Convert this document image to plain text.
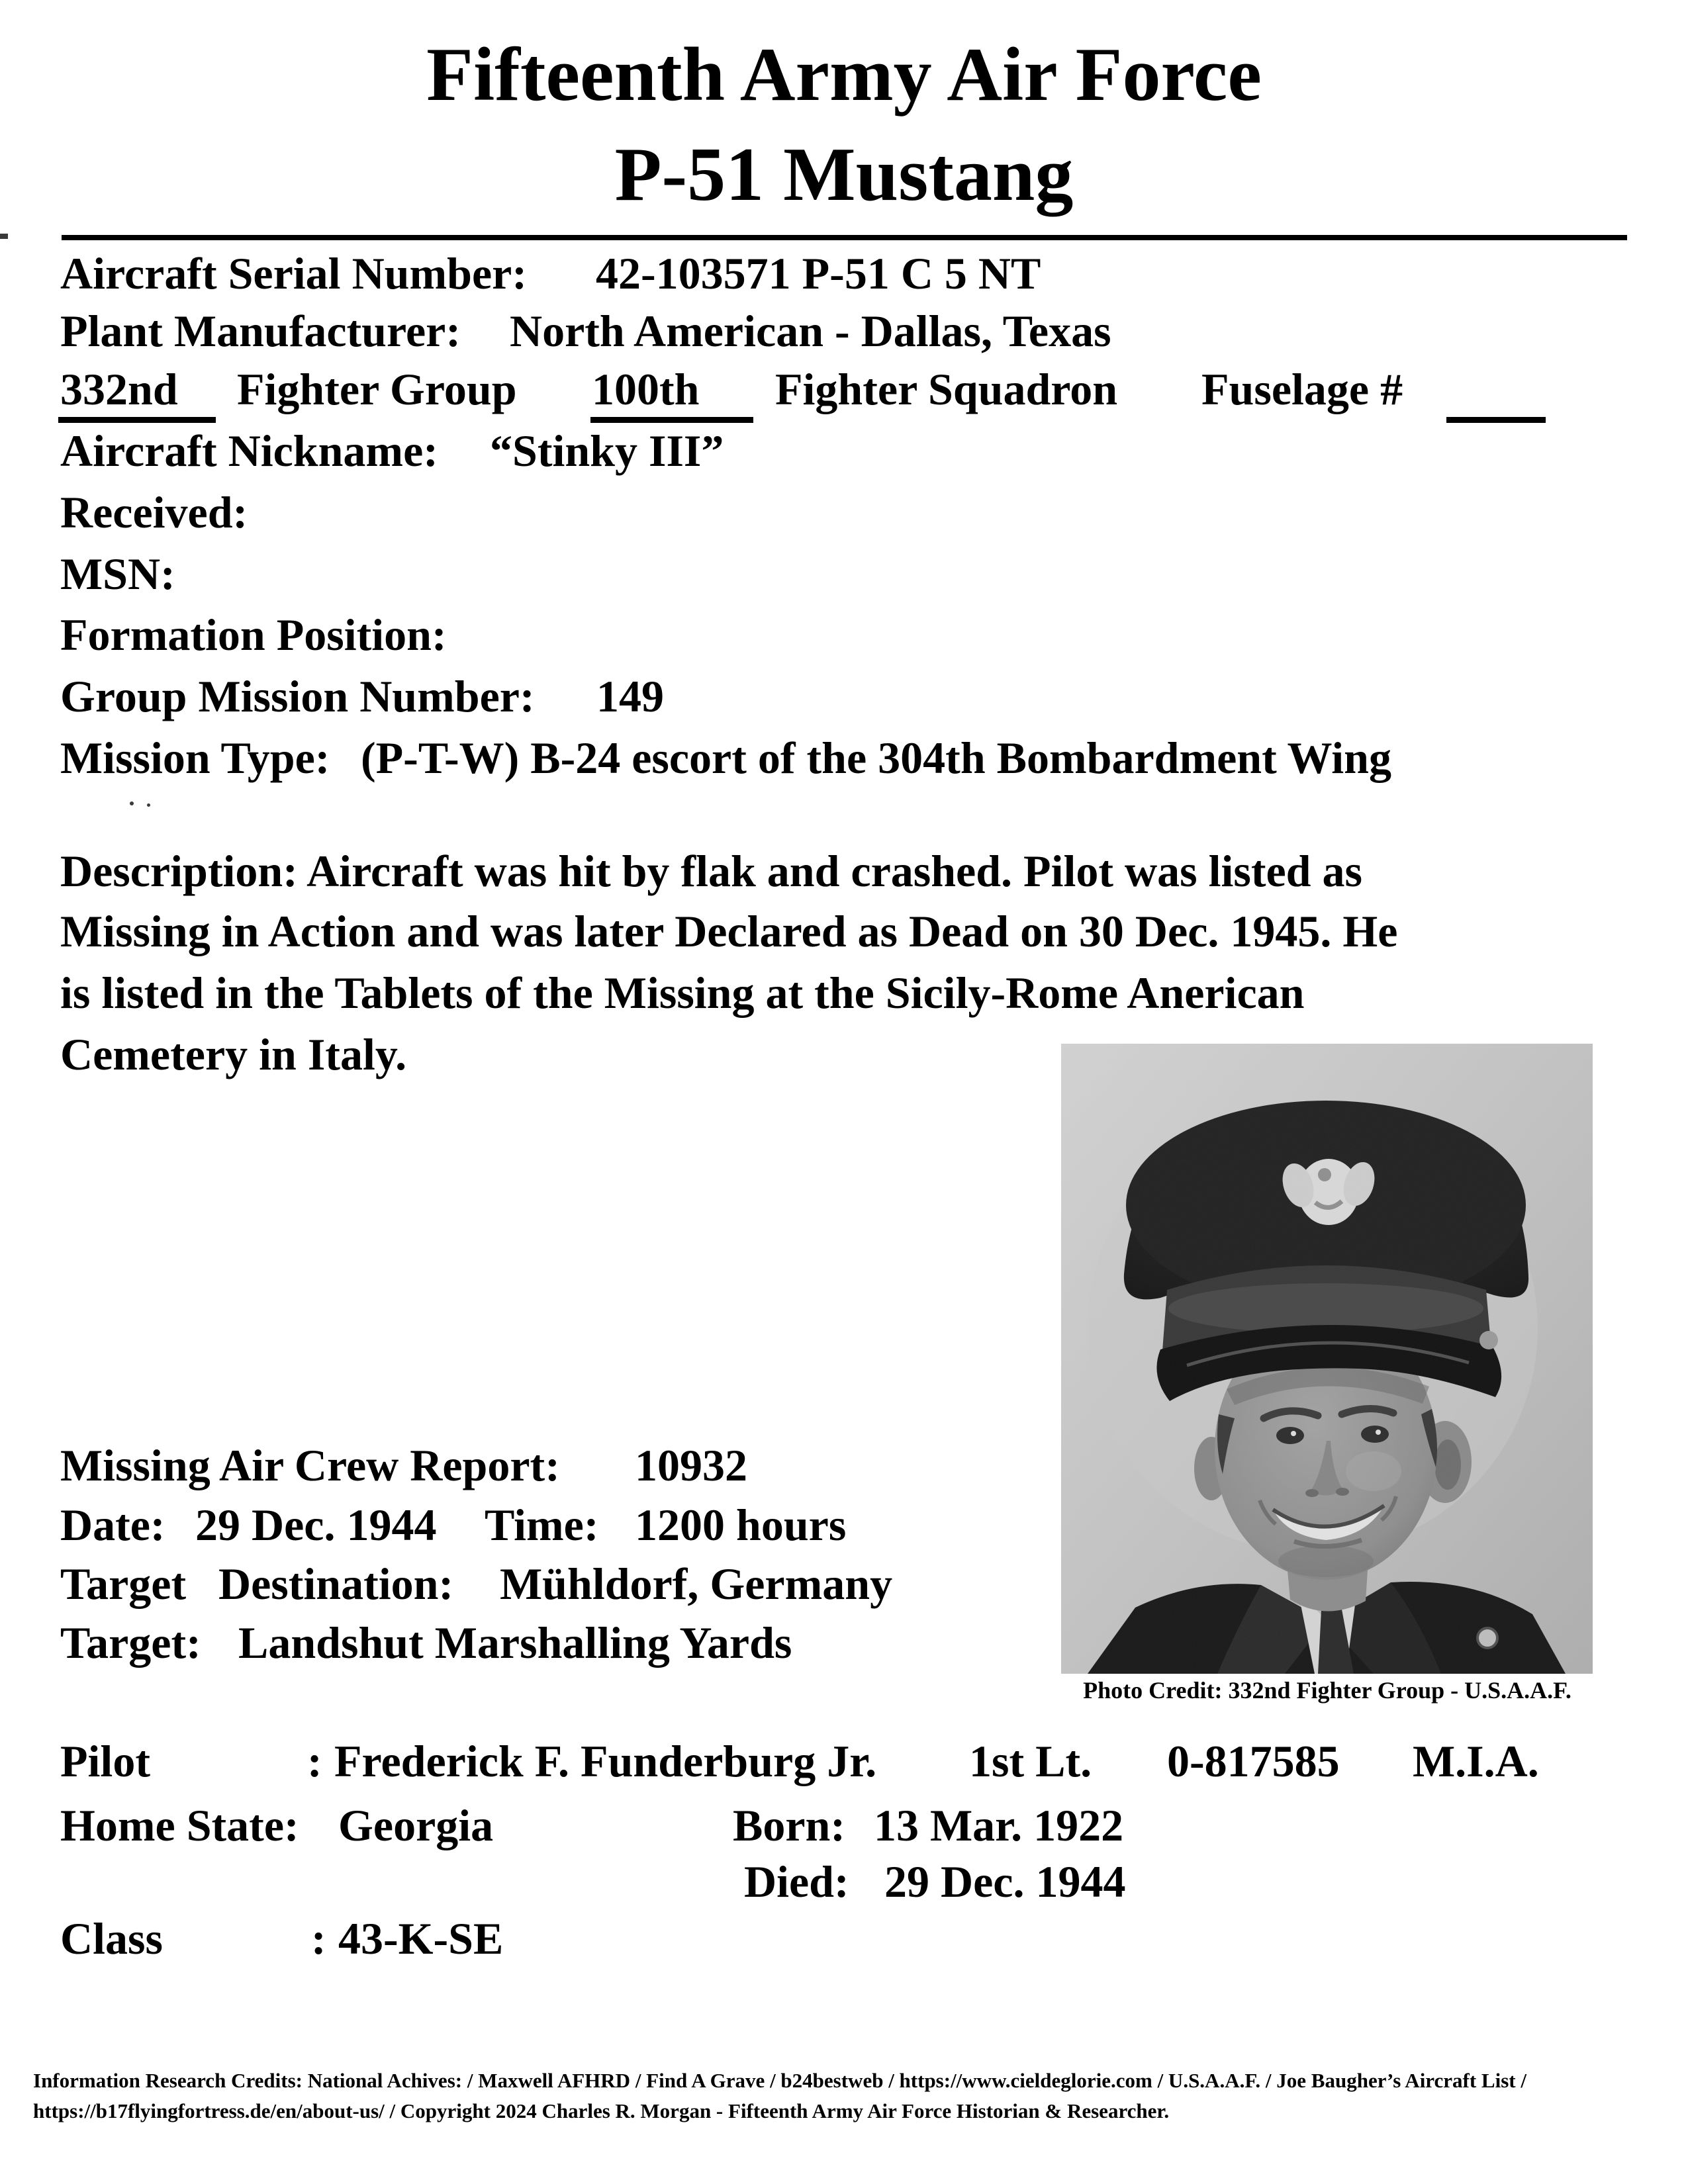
Fifteenth Army Air Force
P-51 Mustang
Aircraft Serial Number: 42-103571 P-51 C 5 NT
Plant Manufacturer: North American - Dallas, Texas
332nd Fighter Group 100th Fighter Squadron Fuselage #
Aircraft Nickname: “Stinky III”
Received:
MSN:
Formation Position:
Group Mission Number: 149
Mission Type: (P-T-W) B-24 escort of the 304th Bombardment Wing
Description: Aircraft was hit by flak and crashed. Pilot was listed as
Missing in Action and was later Declared as Dead on 30 Dec. 1945. He
is listed in the Tablets of the Missing at the Sicily-Rome Anerican
Cemetery in Italy.
Photo Credit: 332nd Fighter Group - U.S.A.A.F.
Missing Air Crew Report: 10932
Date: 29 Dec. 1944 Time: 1200 hours
Target Destination: Mühldorf, Germany
Target: Landshut Marshalling Yards
Pilot	: Frederick F. Funderburg Jr. 1st Lt. 0-817585 M.I.A.
Home State: Georgia	Born: 13 Mar. 1922
Died: 29 Dec. 1944
Class	: 43-K-SE
Information Research Credits: National Achives: / Maxwell AFHRD / Find A Grave / b24bestweb / https://www.cieldeglorie.com / U.S.A.A.F. / Joe Baugher’s Aircraft List /
https://b17flyingfortress.de/en/about-us/ / Copyright 2024 Charles R. Morgan - Fifteenth Army Air Force Historian & Researcher.
